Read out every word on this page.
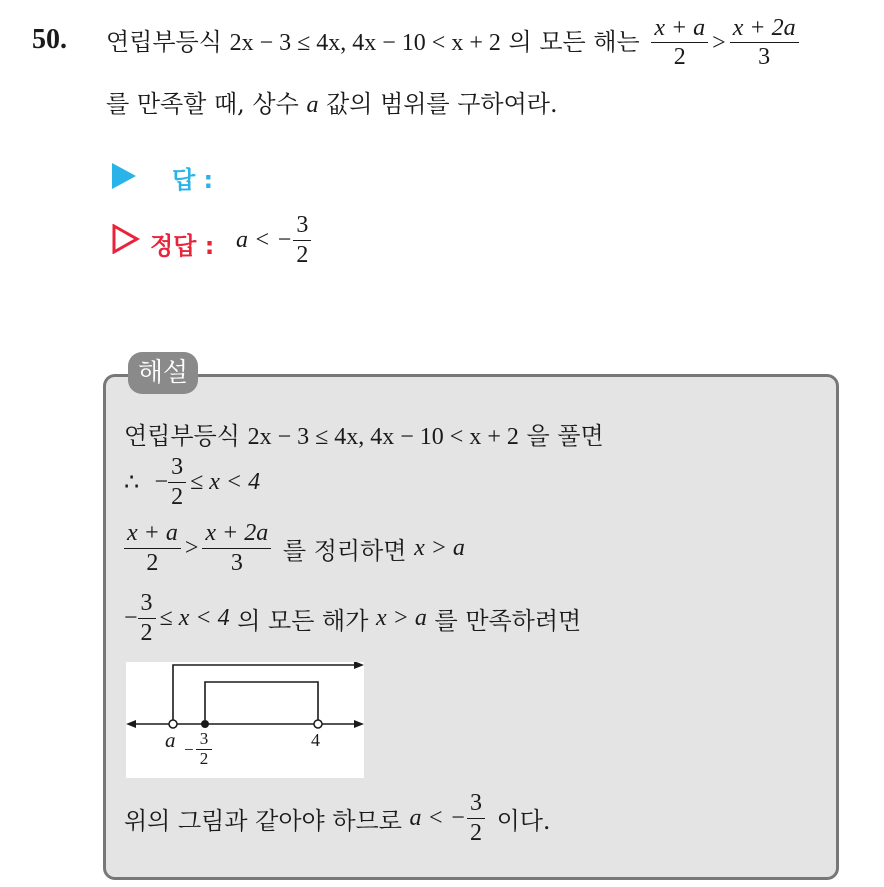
50. 연립부등식 2x − 3 ≤ 4x, 4x − 10 < x + 2 의 모든 해는 $\frac{x + a}{2} > \frac{x + 2a}{3}$
를 만족할 때, 상수 a 값의 범위를 구하여라.
답 :
정답 : a < − $\frac{3}{2}$
해설
연립부등식 2x − 3 ≤ 4x, 4x − 10 < x + 2 을 풀면
∴ − $\frac{3}{2} \le x < 4$
$\frac{x + a}{2} > \frac{x + 2a}{3}$ 를 정리하면 x > a
− $\frac{3}{2} \le x < 4$ 의 모든 해가 x > a 를 만족하려면
a −
3
2
4
위의 그림과 같아야 하므로 a < − $\frac{3}{2}$ 이다.
